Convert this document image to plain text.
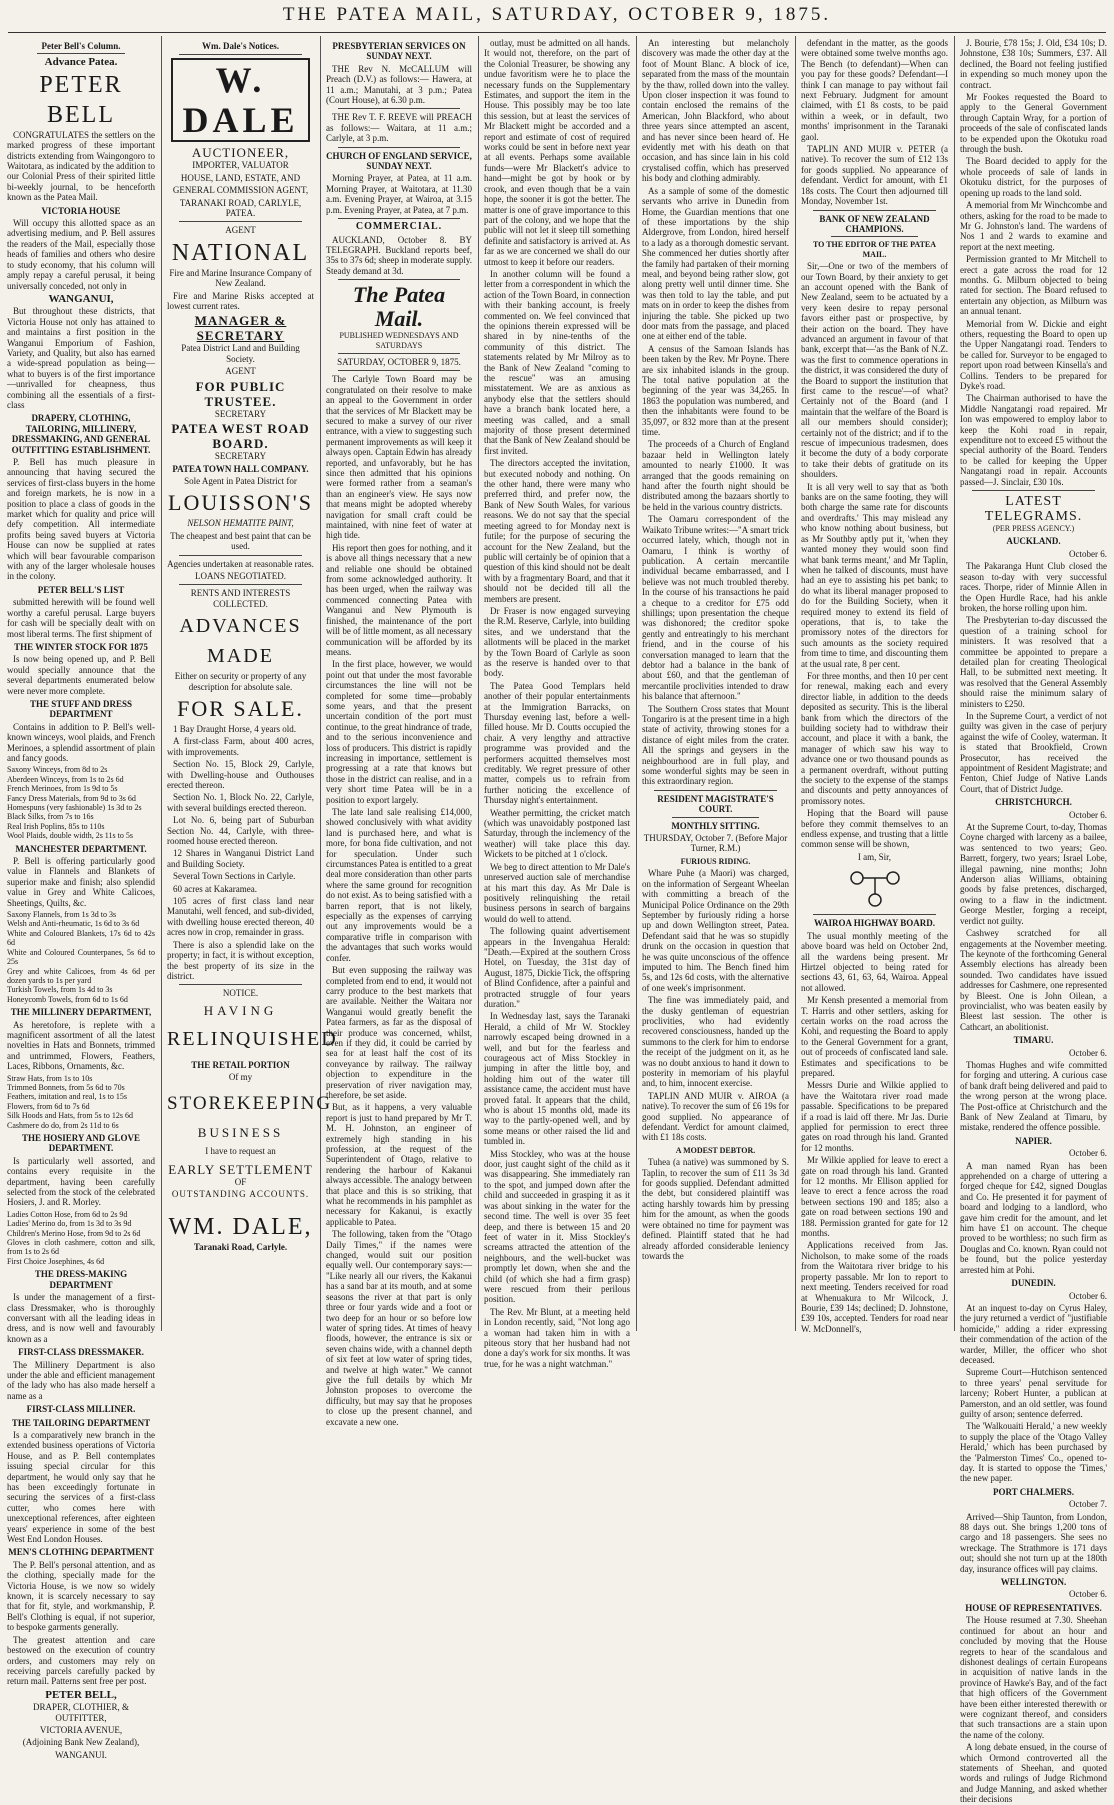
THE PATEA MAIL, SATURDAY, OCTOBER 9, 1875.

Peter Bell's Column.

Advance Patea.

PETER BELL

CONGRATULATES the settlers on the marked progress of these important districts extending from Waingongoro to Waitotara, as indicated by the addition to our Colonial Press of their spirited little bi-weekly journal, to be henceforth known as the Patea Mail.

VICTORIA HOUSE

Will occupy this allotted space as an advertising medium, and P. Bell assures the readers of the Mail, especially those heads of families and others who desire to study economy, that his column will amply repay a careful perusal, it being universally conceded, not only in

WANGANUI,

But throughout these districts, that Victoria House not only has attained to and maintains a first position in the Wanganui Emporium of Fashion, Variety, and Quality, but also has earned a wide-spread population as being—what to buyers is of the first importance—unrivalled for cheapness, thus combining all the essentials of a first-class

DRAPERY, CLOTHING, TAILORING, MILLINERY, DRESSMAKING, AND GENERAL OUTFITTING ESTABLISHMENT.

P. Bell has much pleasure in announcing that having secured the services of first-class buyers in the home and foreign markets, he is now in a position to place a class of goods in the market which for quality and price will defy competition. All intermediate profits being saved buyers at Victoria House can now be supplied at rates which will bear favourable comparison with any of the larger wholesale houses in the colony.

PETER BELL'S LIST

submitted herewith will be found well worthy a careful perusal. Large buyers for cash will be specially dealt with on most liberal terms. The first shipment of

THE WINTER STOCK FOR 1875

Is now being opened up, and P. Bell would specially announce that the several departments enumerated below were never more complete.

THE STUFF AND DRESS DEPARTMENT

Contains in addition to P. Bell's well-known winceys, wool plaids, and French Merinoes, a splendid assortment of plain and fancy goods.

Saxony Winceys, from 8d to 2s
Aberdeen Winceys, from 1s to 2s 6d
French Merinoes, from 1s 9d to 5s
Fancy Dress Materials, from 9d to 3s 6d
Homespuns (very fashionable) 1s 3d to 2s
Black Silks, from 7s to 16s
Real Irish Poplins, 85s to 110s
Wool Plaids, double width, 2s 11s to 5s

MANCHESTER DEPARTMENT.

P. Bell is offering particularly good value in Flannels and Blankets of superior make and finish; also splendid value in Grey and White Calicoes, Sheetings, Quilts, &c.

Saxony Flannels, from 1s 3d to 3s
Welsh and Anti-rheumatic, 1s 6d to 3s 6d
White and Coloured Blankets, 17s 6d to 42s 6d
White and Coloured Counterpanes, 5s 6d to 25s
Grey and white Calicoes, from 4s 6d per dozen yards to 1s per yard
Turkish Towels, from 1s 4d to 3s
Honeycomb Towels, from 6d to 1s 6d

THE MILLINERY DEPARTMENT,

As heretofore, is replete with a magnificent assortment of all the latest novelties in Hats and Bonnets, trimmed and untrimmed, Flowers, Feathers, Laces, Ribbons, Ornaments, &c.

Straw Hats, from 1s to 10s
Trimmed Bonnets, from 5s 6d to 70s
Feathers, imitation and real, 1s to 15s
Flowers, from 6d to 7s 6d
Silk Hoods and Hats, from 5s to 12s 6d
Cashmere do do, from 2s 11d to 6s

THE HOSIERY AND GLOVE DEPARTMENT.

Is particularly well assorted, and contains every requisite in the department, having been carefully selected from the stock of the celebrated Hosiers, J. and R. Morley.

Ladies Cotton Hose, from 6d to 2s 9d
Ladies' Merino do, from 1s 3d to 3s 9d
Children's Merino Hose, from 9d to 2s 6d
Gloves in cloth cashmere, cotton and silk, from 1s to 2s 6d
First Choice Josephines, 4s 6d

THE DRESS-MAKING DEPARTMENT

Is under the management of a first-class Dressmaker, who is thoroughly conversant with all the leading ideas in dress, and is now well and favourably known as a

FIRST-CLASS DRESSMAKER.

The Millinery Department is also under the able and efficient management of the lady who has also made herself a name as a

FIRST-CLASS MILLINER.

THE TAILORING DEPARTMENT

Is a comparatively new branch in the extended business operations of Victoria House, and as P. Bell contemplates issuing special circular for this department, he would only say that he has been exceedingly fortunate in securing the services of a first-class cutter, who comes here with unexceptional references, after eighteen years' experience in some of the best West End London Houses.

MEN'S CLOTHING DEPARTMENT

The P. Bell's personal attention, and as the clothing, specially made for the Victoria House, is we now so widely known, it is scarcely necessary to say that for fit, style, and workmanship, P. Bell's Clothing is equal, if not superior, to bespoke garments generally.

The greatest attention and care bestowed on the execution of country orders, and customers may rely on receiving parcels carefully packed by return mail. Patterns sent free per post.

PETER BELL,

DRAPER, CLOTHIER, & OUTFITTER,

VICTORIA AVENUE,

(Adjoining Bank New Zealand),

WANGANUI.

Wm. Dale's Notices.

W. DALE
AUCTIONEER,

IMPORTER, VALUATOR

HOUSE, LAND, ESTATE, AND

GENERAL COMMISSION AGENT,

TARANAKI ROAD, CARLYLE, PATEA.

AGENT

NATIONAL

Fire and Marine Insurance Company of New Zealand.

Fire and Marine Risks accepted at lowest current rates.

MANAGER & SECRETARY

Patea District Land and Building Society.

AGENT

FOR PUBLIC TRUSTEE.

SECRETARY

PATEA WEST ROAD BOARD.

SECRETARY

PATEA TOWN HALL COMPANY.

Sole Agent in Patea District for

LOUISSON'S

NELSON HEMATITE PAINT,

The cheapest and best paint that can be used.

Agencies undertaken at reasonable rates.

LOANS NEGOTIATED.

RENTS AND INTERESTS COLLECTED.

ADVANCES MADE

Either on security or property of any description for absolute sale.

FOR SALE.

1 Bay Draught Horse, 4 years old.

A first-class Farm, about 400 acres, with improvements.

Section No. 15, Block 29, Carlyle, with Dwelling-house and Outhouses erected thereon.

Section No. 1, Block No. 22, Carlyle, with several buildings erected thereon.

Lot No. 6, being part of Suburban Section No. 44, Carlyle, with three-roomed house erected thereon.

12 Shares in Wanganui District Land and Building Society.

Several Town Sections in Carlyle.

60 acres at Kakaramea.

105 acres of first class land near Manutahi, well fenced, and sub-divided, with dwelling house erected thereon, 40 acres now in crop, remainder in grass.

There is also a splendid lake on the property; in fact, it is without exception, the best property of its size in the district.

NOTICE.

HAVING
RELINQUISHED

THE RETAIL PORTION

Of my

STOREKEEPING
BUSINESS

I have to request an

EARLY SETTLEMENT

OF

OUTSTANDING ACCOUNTS.

WM. DALE,

Taranaki Road, Carlyle.

PRESBYTERIAN SERVICES ON SUNDAY NEXT.

THE Rev N. McCALLUM will Preach (D.V.) as follows:— Hawera, at 11 a.m.; Manutahi, at 3 p.m.; Patea (Court House), at 6.30 p.m.

THE Rev T. F. REEVE will PREACH as follows:— Waitara, at 11 a.m.; Carlyle, at 3 p.m.

CHURCH OF ENGLAND SERVICE, SUNDAY NEXT.

Morning Prayer, at Patea, at 11 a.m. Morning Prayer, at Waitotara, at 11.30 a.m. Evening Prayer, at Wairoa, at 3.15 p.m. Evening Prayer, at Patea, at 7 p.m.

COMMERCIAL.

AUCKLAND, October 8. BY TELEGRAPH. Buckland reports beef, 35s to 37s 6d; sheep in moderate supply. Steady demand at 3d.

The Patea Mail.

PUBLISHED WEDNESDAYS AND SATURDAYS

SATURDAY, OCTOBER 9, 1875.

The Carlyle Town Board may be congratulated on their resolve to make an appeal to the Government in order that the services of Mr Blackett may be secured to make a survey of our river entrance, with a view to suggesting such permanent improvements as will keep it always open. Captain Edwin has already reported, and unfavorably, but he has since then admitted that his opinions were formed rather from a seaman's than an engineer's view. He says now that means might be adopted whereby navigation for small craft could be maintained, with nine feet of water at high tide.

His report then goes for nothing, and it is above all things necessary that a new and reliable one should be obtained from some acknowledged authority. It has been urged, when the railway was commenced connecting Patea with Wanganui and New Plymouth is finished, the maintenance of the port will be of little moment, as all necessary communication will be afforded by its means.

In the first place, however, we would point out that under the most favorable circumstances the line will not be completed for some time—probably some years, and that the present uncertain condition of the port must continue, to the great hindrance of trade, and to the serious inconvenience and loss of producers. This district is rapidly increasing in importance, settlement is progressing at a rate that knows but those in the district can realise, and in a very short time Patea will be in a position to export largely.

The late land sale realising £14,000, showed conclusively with what avidity land is purchased here, and what is more, for bona fide cultivation, and not for speculation. Under such circumstances Patea is entitled to a great deal more consideration than other parts where the same ground for recognition do not exist. As to being satisfied with a barren report, that is not likely, especially as the expenses of carrying out any improvements would be a comparative trifle in comparison with the advantages that such works would confer.

But even supposing the railway was completed from end to end, it would not carry produce to the best markets that are available. Neither the Waitara nor Wanganui would greatly benefit the Patea farmers, as far as the disposal of their produce was concerned, whilst, even if they did, it could be carried by sea for at least half the cost of its conveyance by railway. The railway objection to expenditure in the preservation of river navigation may, therefore, be set aside.

But, as it happens, a very valuable report is just to hand prepared by Mr T. M. H. Johnston, an engineer of extremely high standing in his profession, at the request of the Superintendent of Otago, relative to rendering the harbour of Kakanui always accessible. The analogy between that place and this is so striking, that what he recommends in his pamphlet as necessary for Kakanui, is exactly applicable to Patea.

The following, taken from the "Otago Daily Times," if the names were changed, would suit our position equally well. Our contemporary says:— "Like nearly all our rivers, the Kakanui has a sand bar at its mouth, and at some seasons the river at that part is only three or four yards wide and a foot or two deep for an hour or so before low water of spring tides. At times of heavy floods, however, the entrance is six or seven chains wide, with a channel depth of six feet at low water of spring tides, and twelve at high water." We cannot give the full details by which Mr Johnston proposes to overcome the difficulty, but may say that he proposes to close up the present channel, and excavate a new one.

outlay, must be admitted on all hands. It would not, therefore, on the part of the Colonial Treasurer, be showing any undue favoritism were he to place the necessary funds on the Supplementary Estimates, and support the item in the House. This possibly may be too late this session, but at least the services of Mr Blackett might be accorded and a report and estimate of cost of required works could be sent in before next year at all events. Perhaps some available funds—were Mr Blackett's advice to hand—might be got by hook or by crook, and even though that be a vain hope, the sooner it is got the better. The matter is one of grave importance to this part of the colony, and we hope that the public will not let it sleep till something definite and satisfactory is arrived at. As far as we are concerned we shall do our utmost to keep it before our readers.

In another column will be found a letter from a correspondent in which the action of the Town Board, in connection with their banking account, is freely commented on. We feel convinced that the opinions therein expressed will be shared in by nine-tenths of the community of this district. The statements related by Mr Milroy as to the Bank of New Zealand "coming to the rescue" was an amusing misstatement. We are as anxious as anybody else that the settlers should have a branch bank located here, a meeting was called, and a small majority of those present determined that the Bank of New Zealand should be first invited.

The directors accepted the invitation, but executed nobody and nothing. On the other hand, there were many who preferred third, and prefer now, the Bank of New South Wales, for various reasons. We do not say that the special meeting agreed to for Monday next is futile; for the purpose of securing the account for the New Zealand, but the public will certainly be of opinion that a question of this kind should not be dealt with by a fragmentary Board, and that it should not be decided till all the members are present.

Dr Fraser is now engaged surveying the R.M. Reserve, Carlyle, into building sites, and we understand that the allotments will be placed in the market by the Town Board of Carlyle as soon as the reserve is handed over to that body.

The Patea Good Templars held another of their popular entertainments at the Immigration Barracks, on Thursday evening last, before a well-filled house. Mr D. Coutts occupied the chair. A very lengthy and attractive programme was provided and the performers acquitted themselves most creditably. We regret pressure of other matter, compels us to refrain from further noticing the excellence of Thursday night's entertainment.

Weather permitting, the cricket match (which was unavoidably postponed last Saturday, through the inclemency of the weather) will take place this day. Wickets to be pitched at 1 o'clock.

We beg to direct attention to Mr Dale's unreserved auction sale of merchandise at his mart this day. As Mr Dale is positively relinquishing the retail business persons in search of bargains would do well to attend.

The following quaint advertisement appears in the Invengahua Herald: "Death.—Expired at the southern Cross Hotel, on Tuesday, the 31st day of August, 1875, Dickie Tick, the offspring of Blind Confidence, after a painful and protracted struggle of four years duration."

In Wednesday last, says the Taranaki Herald, a child of Mr W. Stockley narrowly escaped being drowned in a well, and but for the fearless and courageous act of Miss Stockley in jumping in after the little boy, and holding him out of the water till assistance came, the accident must have proved fatal. It appears that the child, who is about 15 months old, made its way to the partly-opened well, and by some means or other raised the lid and tumbled in.

Miss Stockley, who was at the house door, just caught sight of the child as it was disappearing. She immediately ran to the spot, and jumped down after the child and succeeded in grasping it as it was about sinking in the water for the second time. The well is over 35 feet deep, and there is between 15 and 20 feet of water in it. Miss Stockley's screams attracted the attention of the neighbours, and the well-bucket was promptly let down, when she and the child (of which she had a firm grasp) were rescued from their perilous position.

The Rev. Mr Blunt, at a meeting held in London recently, said, "Not long ago a woman had taken him in with a piteous story that her husband had not done a day's work for six months. It was true, for he was a night watchman."

An interesting but melancholy discovery was made the other day at the foot of Mount Blanc. A block of ice, separated from the mass of the mountain by the thaw, rolled down into the valley. Upon closer inspection it was found to contain enclosed the remains of the American, John Blackford, who about three years since attempted an ascent, and has never since been heard of. He evidently met with his death on that occasion, and has since lain in his cold crystalised coffin, which has preserved his body and clothing admirably.

As a sample of some of the domestic servants who arrive in Dunedin from Home, the Guardian mentions that one of these importations by the ship Aldergrove, from London, hired herself to a lady as a thorough domestic servant. She commenced her duties shortly after the family had partaken of their morning meal, and beyond being rather slow, got along pretty well until dinner time. She was then told to lay the table, and put mats on in order to keep the dishes from injuring the table. She picked up two door mats from the passage, and placed one at either end of the table.

A census of the Samoan Islands has been taken by the Rev. Mr Poyne. There are six inhabited islands in the group. The total native population at the beginning of the year was 34,265. In 1863 the population was numbered, and then the inhabitants were found to be 35,097, or 832 more than at the present time.

The proceeds of a Church of England bazaar held in Wellington lately amounted to nearly £1000. It was arranged that the goods remaining on hand after the fourth night should be distributed among the bazaars shortly to be held in the various country districts.

The Oamaru correspondent of the Waikato Tribune writes:—"A smart trick occurred lately, which, though not in Oamaru, I think is worthy of publication. A certain mercantile individual became embarrassed, and I believe was not much troubled thereby. In the course of his transactions he paid a cheque to a creditor for £75 odd shillings; upon presentation the cheque was dishonored; the creditor spoke gently and entreatingly to his merchant friend, and in the course of his conversation managed to learn that the debtor had a balance in the bank of about £60, and that the gentleman of mercantile proclivities intended to draw his balance that afternoon."

The Southern Cross states that Mount Tongariro is at the present time in a high state of activity, throwing stones for a distance of eight miles from the crater. All the springs and geysers in the neighbourhood are in full play, and some wonderful sights may be seen in this extraordinary region.

RESIDENT MAGISTRATE'S COURT.

MONTHLY SITTING.

THURSDAY, October 7. (Before Major Turner, R.M.)

FURIOUS RIDING.

Whare Puhe (a Maori) was charged, on the information of Sergeant Wheelan with committing a breach of the Municipal Police Ordinance on the 29th September by furiously riding a horse up and down Wellington street, Patea. Defendant said that he was so stupidly drunk on the occasion in question that he was quite unconscious of the offence imputed to him. The Bench fined him 5s, and 12s 6d costs, with the alternative of one week's imprisonment.

The fine was immediately paid, and the dusky gentleman of equestrian proclivities, who had evidently recovered consciousness, handed up the summons to the clerk for him to endorse the receipt of the judgment on it, as he was no doubt anxious to hand it down to posterity in memoriam of his playful and, to him, innocent exercise.

TAPLIN AND MUIR v. AIROA (a native). To recover the sum of £6 19s for good supplied. No appearance of defendant. Verdict for amount claimed, with £1 18s costs.

A MODEST DEBTOR.

Tuhea (a native) was summoned by S. Taplin, to recover the sum of £11 3s 3d for goods supplied. Defendant admitted the debt, but considered plaintiff was acting harshly towards him by pressing him for the amount, as when the goods were obtained no time for payment was defined. Plaintiff stated that he had already afforded considerable leniency towards the

defendant in the matter, as the goods were obtained some twelve months ago. The Bench (to defendant)—When can you pay for these goods? Defendant—I think I can manage to pay without fail next February. Judgment for amount claimed, with £1 8s costs, to be paid within a week, or in default, two months' imprisonment in the Taranaki gaol.

TAPLIN AND MUIR v. PETER (a native). To recover the sum of £12 13s for goods supplied. No appearance of defendant. Verdict for amount, with £1 18s costs. The Court then adjourned till Monday, November 1st.

BANK OF NEW ZEALAND CHAMPIONS.

TO THE EDITOR OF THE PATEA MAIL.

Sir,—One or two of the members of our Town Board, by their anxiety to get an account opened with the Bank of New Zealand, seem to be actuated by a very keen desire to repay personal favors either past or prospective, by their action on the board. They have advanced an argument in favour of that bank, excerpt that—'as the Bank of N.Z. was the first to commence operations in the district, it was considered the duty of the Board to support the institution that first came to the rescue'—of what? Certainly not of the Board (and I maintain that the welfare of the Board is all our members should consider); certainly not of the district; and if to the rescue of impecunious tradesmen, does it become the duty of a body corporate to take their debts of gratitude on its shoulders.

It is all very well to say that as 'both banks are on the same footing, they will both charge the same rate for discounts and overdrafts.' This may mislead any who know nothing about business, but as Mr Southby aptly put it, 'when they wanted money they would soon find what bank terms meant,' and Mr Taplin, when he talked of discounts, must have had an eye to assisting his pet bank; to do what its liberal manager proposed to do for the Building Society, when it required money to extend its field of operations, that is, to take the promissory notes of the directors for such amounts as the society required from time to time, and discounting them at the usual rate, 8 per cent.

For three months, and then 10 per cent for renewal, making each and every director liable, in addition to the deeds deposited as security. This is the liberal bank from which the directors of the building society had to withdraw their account, and place it with a bank, the manager of which saw his way to advance one or two thousand pounds as a permanent overdraft, without putting the society to the expense of the stamps and discounts and petty annoyances of promissory notes.

Hoping that the Board will pause before they commit themselves to an endless expense, and trusting that a little common sense will be shown,

I am, Sir,

WAIROA HIGHWAY BOARD.

The usual monthly meeting of the above board was held on October 2nd, all the wardens being present. Mr Hirtzel objected to being rated for sections 43, 61, 63, 64, Wairoa. Appeal not allowed.

Mr Kensh presented a memorial from T. Harris and other settlers, asking for certain works on the road across the Kohi, and requesting the Board to apply to the General Government for a grant, out of proceeds of confiscated land sale. Estimates and specifications to be prepared.

Messrs Durie and Wilkie applied to have the Waitotara river road made passable. Specifications to be prepared if a road is laid off there. Mr Jas. Durie applied for permission to erect three gates on road through his land. Granted for 12 months.

Mr Wilkie applied for leave to erect a gate on road through his land. Granted for 12 months. Mr Ellison applied for leave to erect a fence across the road between sections 190 and 185; also a gate on road between sections 190 and 188. Permission granted for gate for 12 months.

Applications received from Jas. Nicholson, to make some of the roads from the Waitotara river bridge to his property passable. Mr Ion to report to next meeting. Tenders received for road at Whenuakura to Mr Wilcock, J. Bourie, £39 14s; declined; D. Johnstone, £39 10s, accepted. Tenders for road near W. McDonnell's,

J. Bourie, £78 15s; J. Old, £34 10s; D. Johnstone, £38 10s; Summers, £37. All declined, the Board not feeling justified in expending so much money upon the contract.

Mr Fookes requested the Board to apply to the General Government through Captain Wray, for a portion of proceeds of the sale of confiscated lands to be expended upon the Okotuku road through the bush.

The Board decided to apply for the whole proceeds of sale of lands in Okotuku district, for the purposes of opening up roads to the land sold.

A memorial from Mr Winchcombe and others, asking for the road to be made to Mr G. Johnston's land. The wardens of Nos 1 and 2 wards to examine and report at the next meeting.

Permission granted to Mr Mitchell to erect a gate across the road for 12 months. G. Milburn objected to being rated for section. The Board refused to entertain any objection, as Milburn was an annual tenant.

Memorial from W. Dickie and eight others, requesting the Board to open up the Upper Nangatangi road. Tenders to be called for. Surveyor to be engaged to report upon road between Kinsella's and Collins. Tenders to be prepared for Dyke's road.

The Chairman authorised to have the Middle Nangatangi road repaired. Mr Ion was empowered to employ labor to keep the Kohi road in repair, expenditure not to exceed £5 without the special authority of the Board. Tenders to be called for keeping the Upper Nangatangi road in repair. Accounts passed—J. Sinclair, £30 10s.

LATEST TELEGRAMS.

(PER PRESS AGENCY.)

AUCKLAND.

October 6.

The Pakaranga Hunt Club closed the season to-day with very successful races. Thorpe, rider of Minnie Allen in the Open Hurdle Race, had his ankle broken, the horse rolling upon him.

The Presbyterian to-day discussed the question of a training school for ministers. It was resolved that a committee be appointed to prepare a detailed plan for creating Theological Hall, to be submitted next meeting. It was resolved that the General Assembly should raise the minimum salary of ministers to £250.

In the Supreme Court, a verdict of not guilty was given in the case of perjury against the wife of Cooley, waterman. It is stated that Brookfield, Crown Prosecutor, has received the appointment of Resident Magistrate; and Fenton, Chief Judge of Native Lands Court, that of District Judge.

CHRISTCHURCH.

October 6.

At the Supreme Court, to-day, Thomas Coyne charged with larceny as a bailee, was sentenced to two years; Geo. Barrett, forgery, two years; Israel Lobe, illegal pawning, nine months; John Anderson alias Williams, obtaining goods by false pretences, discharged, owing to a flaw in the indictment. George Mestler, forging a receipt, verdict not guilty.

Cashwey scratched for all engagements at the November meeting. The keynote of the forthcoming General Assembly elections has already been sounded. Two candidates have issued addresses for Cashmere, one represented by Bleest. One is John Oilean, a provincialist, who was beaten easily by Bleest last session. The other is Cathcart, an abolitionist.

TIMARU.

October 6.

Thomas Hughes and wife committed for forging and uttering. A curious case of bank draft being delivered and paid to the wrong person at the wrong place. The Post-office at Christchurch and the Bank of New Zealand at Timaru, by mistake, rendered the offence possible.

NAPIER.

October 6.

A man named Ryan has been apprehended on a charge of uttering a forged cheque for £42, signed Douglas and Co. He presented it for payment of board and lodging to a landlord, who gave him credit for the amount, and let him have £1 on account. The cheque proved to be worthless; no such firm as Douglas and Co. known. Ryan could not be found, but the police yesterday arrested him at Pohi.

DUNEDIN.

October 6.

At an inquest to-day on Cyrus Haley, the jury returned a verdict of "justifiable homicide," adding a rider expressing their commendation of the action of the warder, Miller, the officer who shot deceased.

Supreme Court—Hutchison sentenced to three years' penal servitude for larceny; Robert Hunter, a publican at Pamerston, and an old settler, was found guilty of arson; sentence deferred.

The 'Walkouaiti Herald,' a new weekly to supply the place of the 'Otago Valley Herald,' which has been purchased by the 'Palmerston Times' Co., opened to-day. It is started to oppose the 'Times,' the new paper.

PORT CHALMERS.

October 7.

Arrived—Ship Taunton, from London, 88 days out. She brings 1,200 tons of cargo and 18 passengers. She sees no wreckage. The Strathmore is 171 days out; should she not turn up at the 180th day, insurance offices will pay claims.

WELLINGTON.

October 6.

HOUSE OF REPRESENTATIVES.

The House resumed at 7.30. Sheehan continued for about an hour and concluded by moving that the House regrets to hear of the scandalous and dishonest dealings of certain Europeans in acquisition of native lands in the province of Hawke's Bay, and of the fact that high officers of the Government have been either interested therewith or were cognizant thereof, and considers that such transactions are a stain upon the name of the colony.

A long debate ensued, in the course of which Ormond controverted all the statements of Sheehan, and quoted words and rulings of Judge Richmond and Judge Manning, and asked whether their decisions
